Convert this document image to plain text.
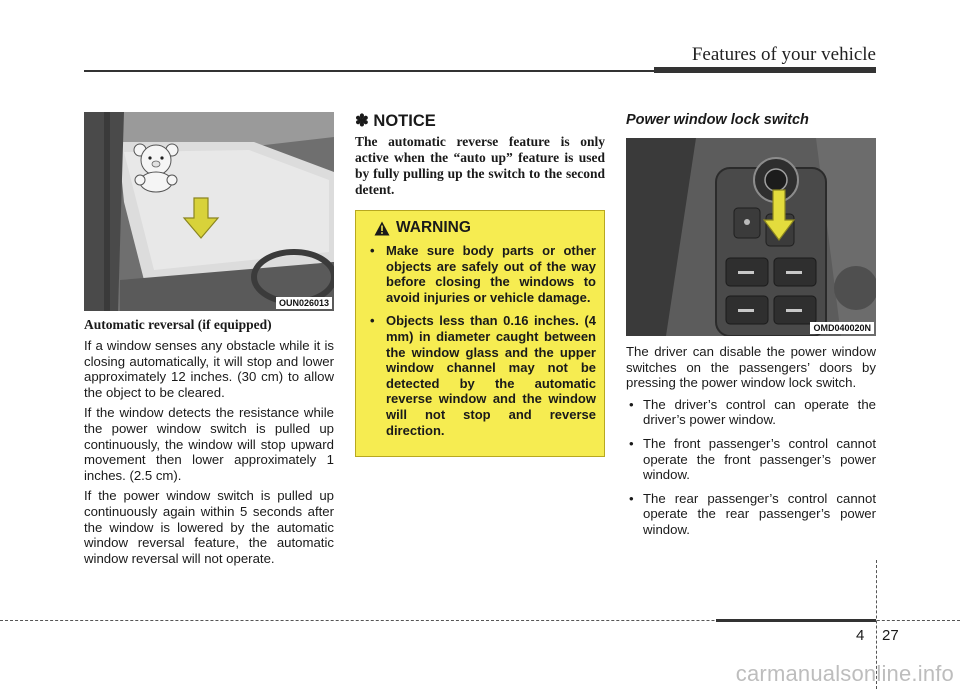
Features of your vehicle
OUN026013
Automatic reversal (if equipped)

If a window senses any obstacle while it is closing automatically, it will stop and lower approximately 12 inches. (30 cm) to allow the object to be cleared.

If the window detects the resistance while the power window switch is pulled up continuously, the window will stop upward movement then lower approximately 1 inches. (2.5 cm).

If the power window switch is pulled up continuously again within 5 seconds after the window is lowered by the automatic window reversal feature, the automatic window reversal will not operate.

✽ NOTICE
The automatic reverse feature is only active when the “auto up” feature is used by fully pulling up the switch to the second detent.
WARNING
• Make sure body parts or other objects are safely out of the way before closing the windows to avoid injuries or vehicle damage.
• Objects less than 0.16 inches. (4 mm) in diameter caught between the window glass and the upper window channel may not be detected by the automatic reverse window and the window will not stop and reverse direction.
Power window lock switch
OMD040020N

The driver can disable the power window switches on the passengers’ doors by pressing the power window lock switch.

• The driver’s control can operate the driver’s power window.
• The front passenger’s control cannot operate the front passenger’s power window.
• The rear passenger’s control cannot operate the rear passenger’s power window.
4 27
carmanualsonline.info
